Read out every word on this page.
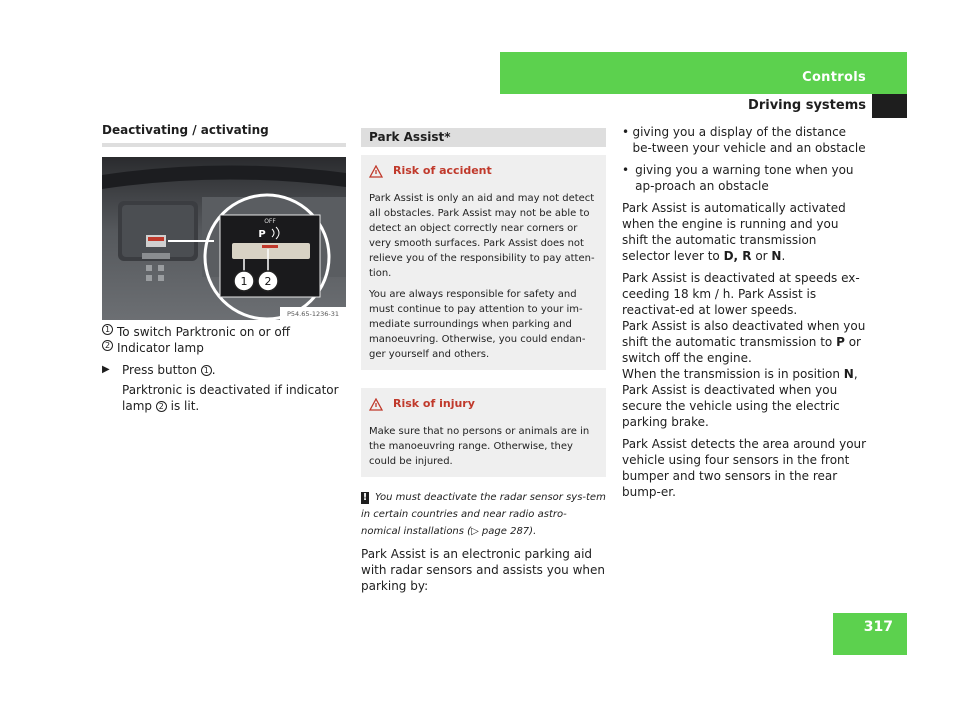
Controls
Driving systems
Deactivating / activating
OFF
P
1 2
P54.65-1236-31
1 To switch Parktronic on or off
2 Indicator lamp
▶	Press button 1 .
Parktronic is deactivated if indicator
lamp 2 is lit.
Park Assist*
Risk of accident
Park Assist is only an aid and may not detect all obstacles. Park Assist may not be able to detect an object correctly near corners or very smooth surfaces. Park Assist does not relieve you of the responsibility to pay atten-tion.
You are always responsible for safety and must continue to pay attention to your im-mediate surroundings when parking and manoeuvring. Otherwise, you could endan-ger yourself and others.
Risk of injury
Make sure that no persons or animals are in the manoeuvring range. Otherwise, they could be injured.
! You must deactivate the radar sensor sys-tem in certain countries and near radio astro-nomical installations (▷ page 287).
Park Assist is an electronic parking aid with radar sensors and assists you when parking by:
• giving you a display of the distance be-tween your vehicle and an obstacle
• giving you a warning tone when you ap-proach an obstacle
Park Assist is automatically activated when the engine is running and you shift the automatic transmission selector lever to D, R or N.
Park Assist is deactivated at speeds ex-ceeding 18 km / h. Park Assist is reactivat-ed at lower speeds.
Park Assist is also deactivated when you shift the automatic transmission to P or switch off the engine.
When the transmission is in position N, Park Assist is deactivated when you secure the vehicle using the electric parking brake.
Park Assist detects the area around your vehicle using four sensors in the front bumper and two sensors in the rear bump-er.
317
